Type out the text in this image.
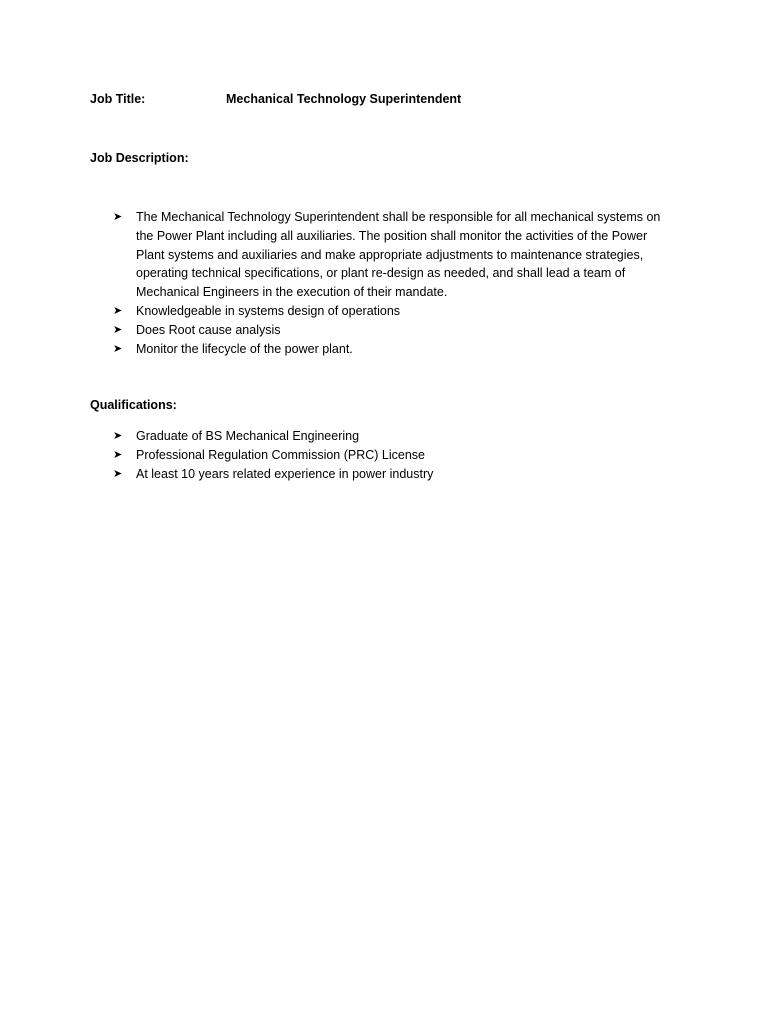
Job Title:	Mechanical Technology Superintendent
Job Description:
➤ The Mechanical Technology Superintendent shall be responsible for all mechanical systems on the Power Plant including all auxiliaries. The position shall monitor the activities of the Power Plant systems and auxiliaries and make appropriate adjustments to maintenance strategies, operating technical specifications, or plant re-design as needed, and shall lead a team of Mechanical Engineers in the execution of their mandate.
➤ Knowledgeable in systems design of operations
➤ Does Root cause analysis
➤ Monitor the lifecycle of the power plant.
Qualifications:
➤ Graduate of BS Mechanical Engineering
➤ Professional Regulation Commission (PRC) License
➤ At least 10 years related experience in power industry
